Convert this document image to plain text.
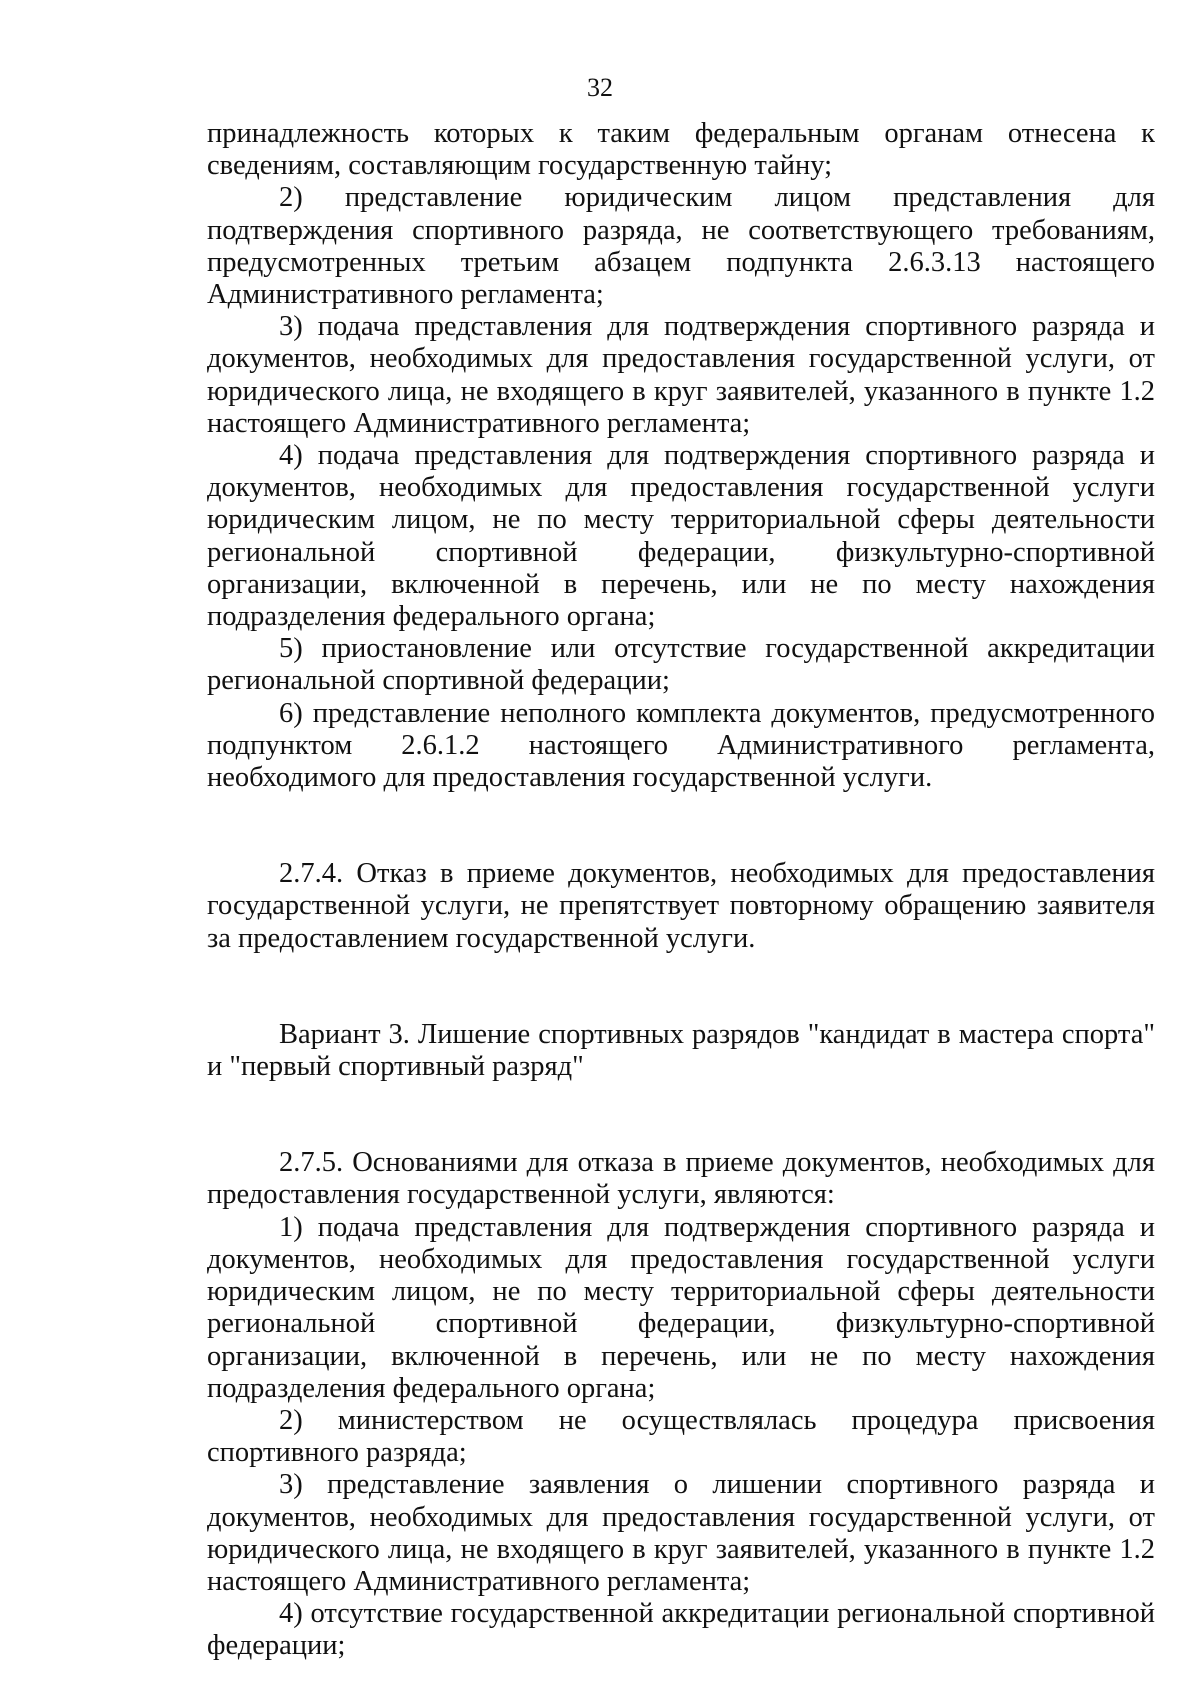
32

принадлежность которых к таким федеральным органам отнесена к сведениям, составляющим государственную тайну;

2) представление юридическим лицом представления для подтверждения спортивного разряда, не соответствующего требованиям, предусмотренных третьим абзацем подпункта 2.6.3.13 настоящего Административного регламента;

3) подача представления для подтверждения спортивного разряда и документов, необходимых для предоставления государственной услуги, от юридического лица, не входящего в круг заявителей, указанного в пункте 1.2 настоящего Административного регламента;

4) подача представления для подтверждения спортивного разряда и документов, необходимых для предоставления государственной услуги юридическим лицом, не по месту территориальной сферы деятельности региональной спортивной федерации, физкультурно-спортивной организации, включенной в перечень, или не по месту нахождения подразделения федерального органа;

5) приостановление или отсутствие государственной аккредитации региональной спортивной федерации;

6) представление неполного комплекта документов, предусмотренного подпунктом 2.6.1.2 настоящего Административного регламента, необходимого для предоставления государственной услуги.

2.7.4. Отказ в приеме документов, необходимых для предоставления государственной услуги, не препятствует повторному обращению заявителя за предоставлением государственной услуги.

Вариант 3. Лишение спортивных разрядов "кандидат в мастера спорта" и "первый спортивный разряд"

2.7.5. Основаниями для отказа в приеме документов, необходимых для предоставления государственной услуги, являются:

1) подача представления для подтверждения спортивного разряда и документов, необходимых для предоставления государственной услуги юридическим лицом, не по месту территориальной сферы деятельности региональной спортивной федерации, физкультурно-спортивной организации, включенной в перечень, или не по месту нахождения подразделения федерального органа;

2) министерством не осуществлялась процедура присвоения спортивного разряда;

3) представление заявления о лишении спортивного разряда и документов, необходимых для предоставления государственной услуги, от юридического лица, не входящего в круг заявителей, указанного в пункте 1.2 настоящего Административного регламента;

4) отсутствие государственной аккредитации региональной спортивной федерации;
